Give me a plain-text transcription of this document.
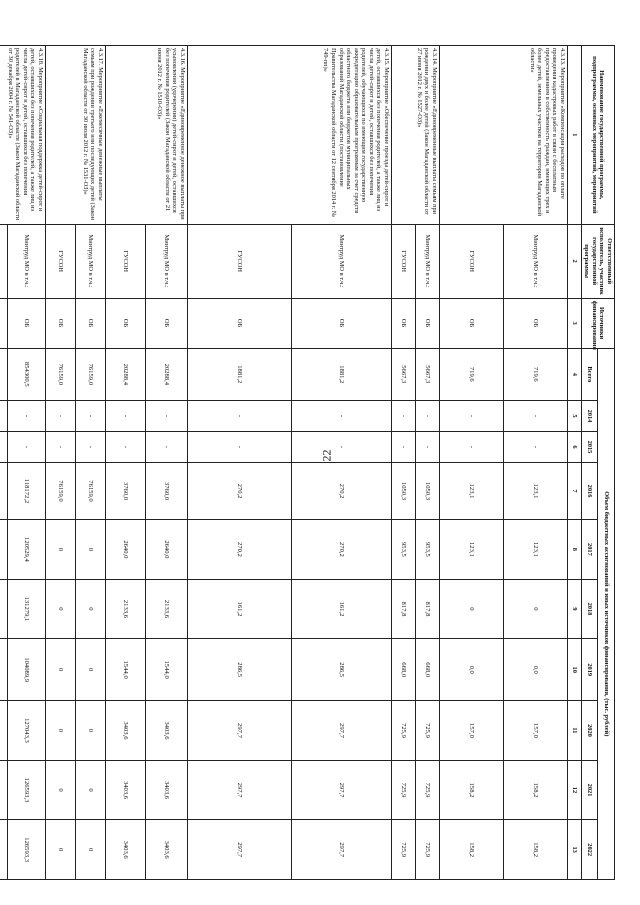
22
Наименование государственной программы, подпрограммы, основных мероприятий, мероприятий	Ответственный исполнитель, участник государственной программы	Источники финансирования	Объем бюджетных ассигнований и иных источников финансирования, (тыс. рублей)									
			Всего	2014	2015	2016	2017	2018	2019	2020	2021	2022
1	2	3	4	5	6	7	8	9	10	11	12	13
4.3.13. Мероприятие «Компенсация расходов по оплате проведения кадастровых работ в связи с бесплатным предоставлением в собственность граждан, имеющих трех и более детей, земельных участков на территории Магаданской области»	Минтруд МО в т.ч.:	ОБ	719,6	-	-	123,1	123,1	0	0,0	157,0	158,2	158,2
	ГУСОН	ОБ	719,6	-	-	123,1	123,1	0	0,0	157,0	158,2	158,2
4.3.14. Мероприятие «Единовременные выплаты семьям при рождении двух и более детей (Закон Магаданской области от 27 июня 2012 г. № 1527-ОЗ)»	Минтруд МО в т.ч.:	ОБ	5667,3	-	-	1050,3	953,5	817,8	668,0	725,9	725,9	725,9
	ГУСОН	ОБ	5667,3	-	-	1050,3	953,5	817,8	668,0	725,9	725,9	725,9
4.3.15. Мероприятие «Обеспечение проезда детей-сирот и детей, оставшихся без попечения родителей, а также лиц из числа детей-сирот и детей, оставшихся без попечения родителей, обучающихся по имеющим государственную аккредитацию образовательным программам за счет средств областного бюджета или бюджетов муниципальных образований Магаданской области (постановление Правительства Магаданской области от 12 сентября 2014 г. № 749-пп)»	Минтруд МО в т.ч.:	ОБ	1881,2	-	-	270,2	270,2	161,2	286,5	297,7	297,7	297,7
	ГУСОН	ОБ	1881,2	-	-	270,2	270,2	161,2	286,5	297,7	297,7	297,7
4.3.16. Мероприятие «Единовременное денежное выплаты при усыновлении (удочерении) детей-сирот и детей, оставшихся без попечения родителей (Закон Магаданской области от 21 июня 2012 г. № 1510-ОЗ)»	Минтруд МО в т.ч.:	ОБ	20288,4	-	-	3760,0	2640,0	2133,6	1544,0	3403,6	3403,6	3403,6
	ГУСОН	ОБ	20288,4	-	-	3760,0	2640,0	2133,6	1544,0	3403,6	3403,6	3403,6
4.3.17. Мероприятие «Ежемесячные денежные выплаты семьям при рождении третьего или последующих детей (Закон Магаданской области от 30 июля 2012 г. № 1531-ОЗ)»	Минтруд МО в т.ч.:	ОБ	76159,0	-	-	76159,0	0	0	0	0	0	0
	ГУСОН	ОБ	76159,0	-	-	76159,0	0	0	0	0	0	0
4.3.18. Мероприятие «Социальная поддержка детей-сирот и детей, оставшихся без попечения родителей, а также лиц из числа детей-сирот и детей, оставшихся без попечения родителей в Магаданской области (Закон Магаданской области от 30 декабря 2004 г. № 541-ОЗ)»	Минтруд МО в т.ч.:	ОБ	854300,5	-	-	118172,2	120529,4	131279,1	104089,9	127043,3	126593,3	126593,3
